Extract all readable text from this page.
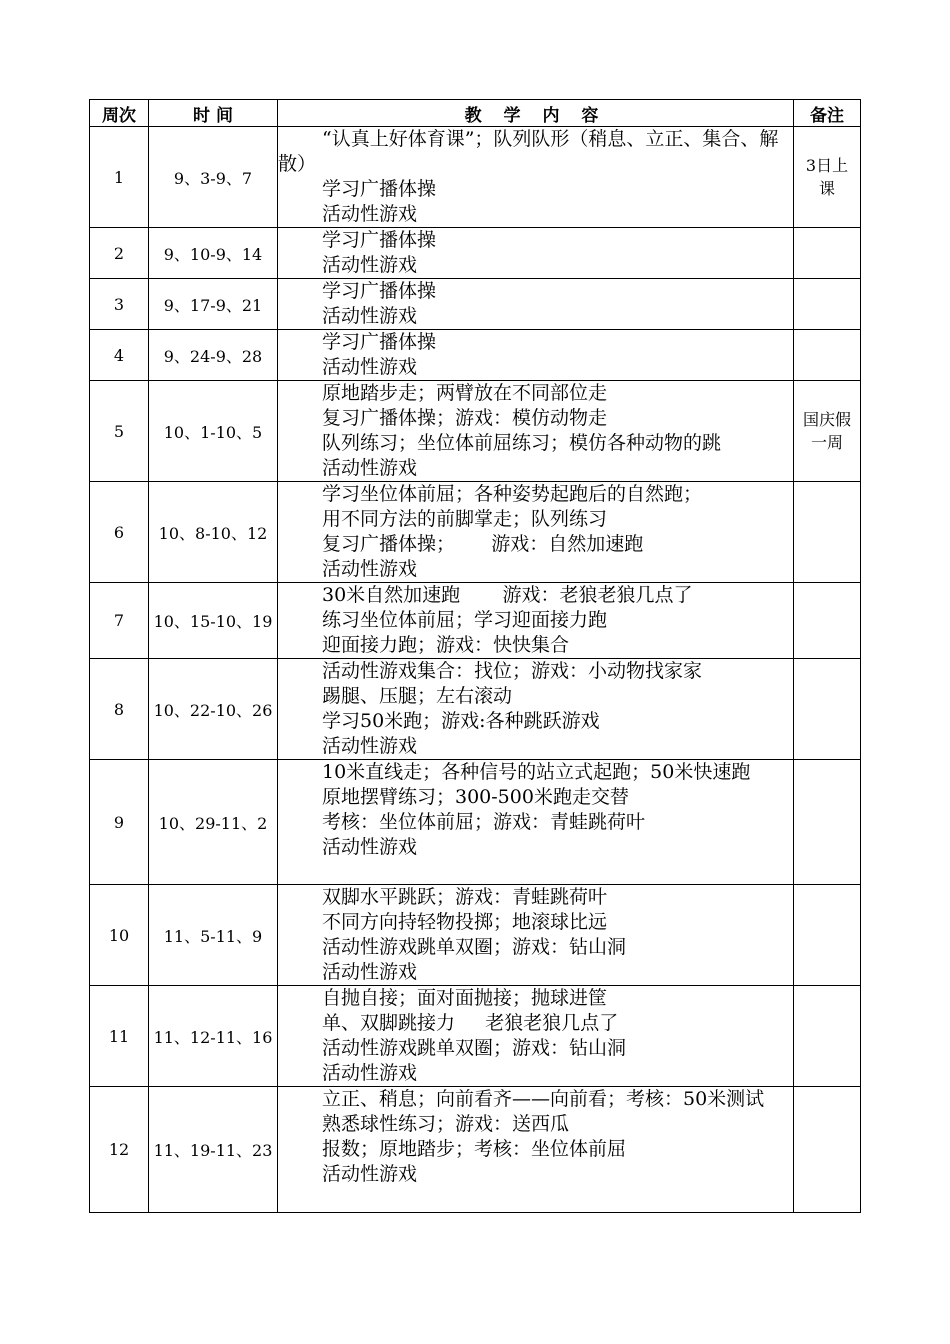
周次	时 间	教 学 内 容	备注
1	9、3-9、7	“认真上好体育课”；队列队形（稍息、立正、集合、解散）
学习广播体操
活动性游戏	3日上课
2	9、10-9、14	学习广播体操
活动性游戏	

3	9、17-9、21	学习广播体操
活动性游戏	

4	9、24-9、28	学习广播体操
活动性游戏	

5	10、1-10、5	原地踏步走；两臂放在不同部位走
复习广播体操；游戏：模仿动物走
队列练习；坐位体前屈练习；模仿各种动物的跳
活动性游戏	国庆假一周
6	10、8-10、12	学习坐位体前屈；各种姿势起跑后的自然跑；
用不同方法的前脚掌走；队列练习
复习广播体操；      游戏：自然加速跑
活动性游戏	

7	10、15-10、19	30米自然加速跑       游戏：老狼老狼几点了
练习坐位体前屈；学习迎面接力跑
迎面接力跑；游戏：快快集合	

8	10、22-10、26	活动性游戏集合：找位；游戏：小动物找家家
踢腿、压腿；左右滚动
学习50米跑；游戏:各种跳跃游戏
活动性游戏	

9	10、29-11、2	10米直线走；各种信号的站立式起跑；50米快速跑
原地摆臂练习；300-500米跑走交替
考核：坐位体前屈；游戏：青蛙跳荷叶
活动性游戏	

10	11、5-11、9	双脚水平跳跃；游戏：青蛙跳荷叶
不同方向持轻物投掷；地滚球比远
活动性游戏跳单双圈；游戏：钻山洞
活动性游戏	

11	11、12-11、16	自抛自接；面对面抛接；抛球进筐
单、双脚跳接力     老狼老狼几点了
活动性游戏跳单双圈；游戏：钻山洞
活动性游戏	

12	11、19-11、23	立正、稍息；向前看齐——向前看；考核：50米测试
熟悉球性练习；游戏：送西瓜
报数；原地踏步；考核：坐位体前屈
活动性游戏	
